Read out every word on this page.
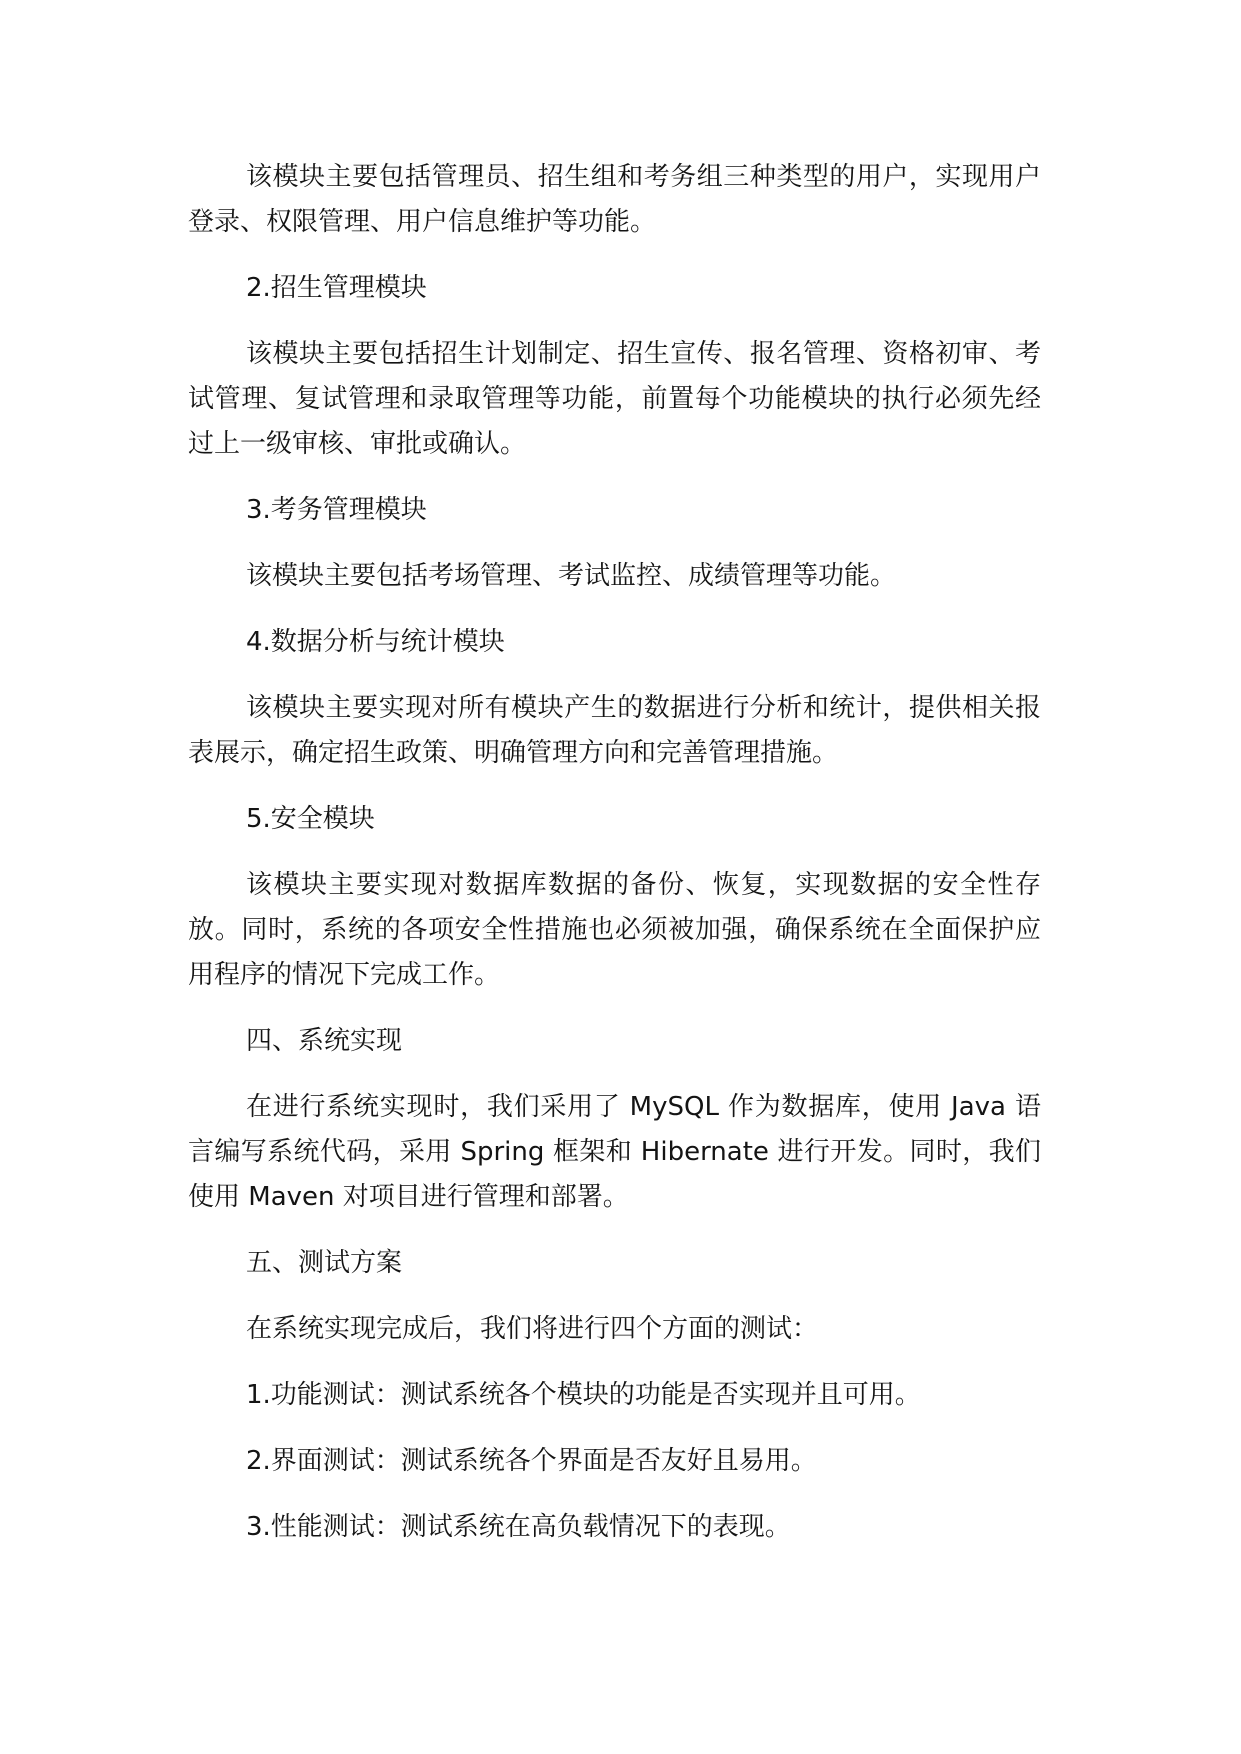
该模块主要包括管理员、招生组和考务组三种类型的用户，实现用户登录、权限管理、用户信息维护等功能。

2.招生管理模块

该模块主要包括招生计划制定、招生宣传、报名管理、资格初审、考试管理、复试管理和录取管理等功能，前置每个功能模块的执行必须先经过上一级审核、审批或确认。

3.考务管理模块

该模块主要包括考场管理、考试监控、成绩管理等功能。

4.数据分析与统计模块

该模块主要实现对所有模块产生的数据进行分析和统计，提供相关报表展示，确定招生政策、明确管理方向和完善管理措施。

5.安全模块

该模块主要实现对数据库数据的备份、恢复，实现数据的安全性存放。同时，系统的各项安全性措施也必须被加强，确保系统在全面保护应用程序的情况下完成工作。

四、系统实现

在进行系统实现时，我们采用了 MySQL 作为数据库，使用 Java 语言编写系统代码，采用 Spring 框架和 Hibernate 进行开发。同时，我们使用 Maven 对项目进行管理和部署。

五、测试方案

在系统实现完成后，我们将进行四个方面的测试：

1.功能测试：测试系统各个模块的功能是否实现并且可用。

2.界面测试：测试系统各个界面是否友好且易用。

3.性能测试：测试系统在高负载情况下的表现。
